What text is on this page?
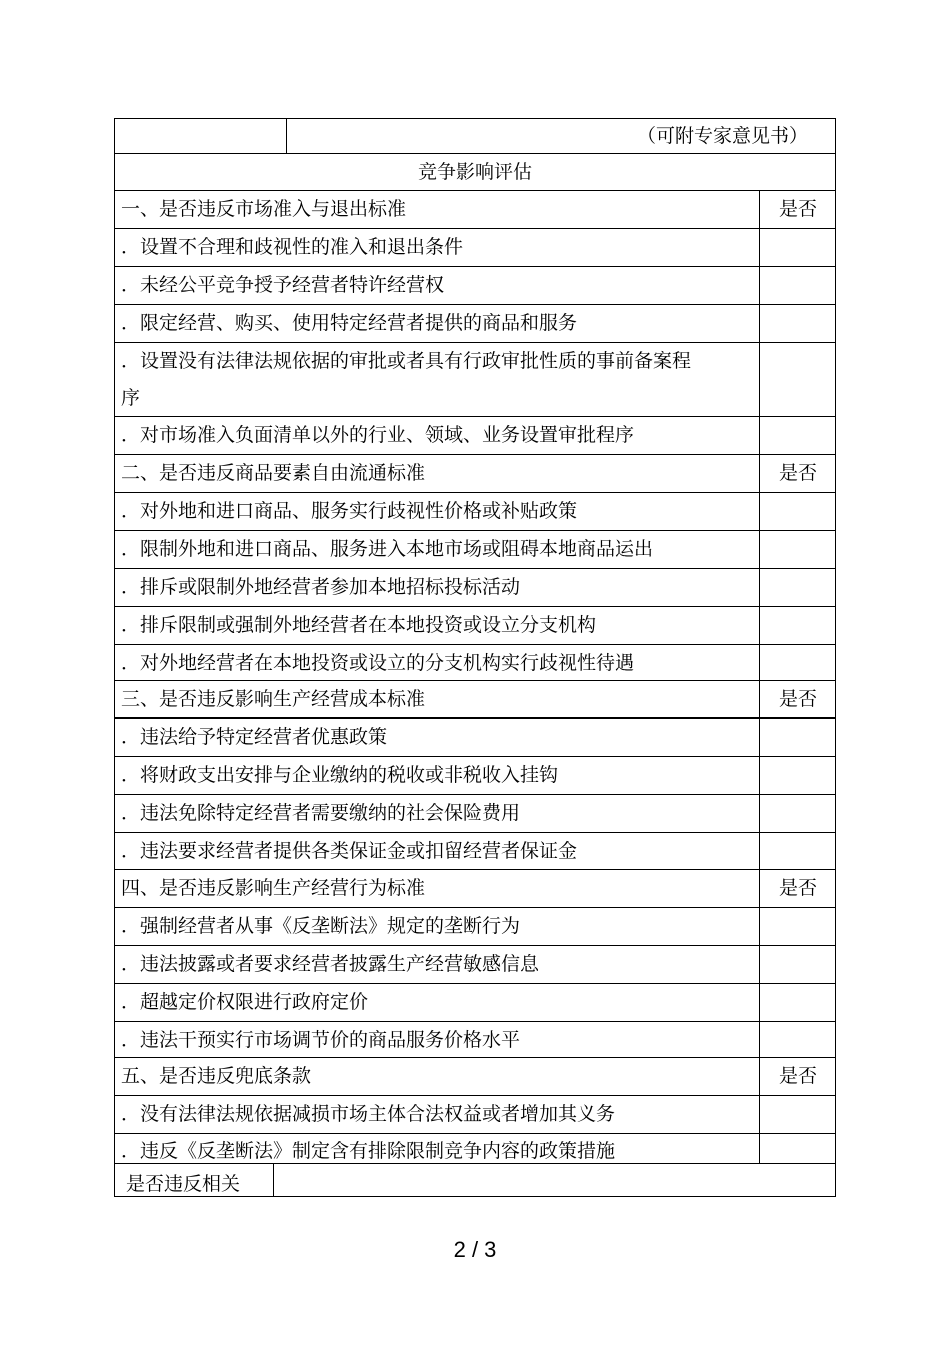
（可附专家意见书）
竞争影响评估
一、是否违反市场准入与退出标准	是否
．设置不合理和歧视性的准入和退出条件
．未经公平竞争授予经营者特许经营权
．限定经营、购买、使用特定经营者提供的商品和服务
．设置没有法律法规依据的审批或者具有行政审批性质的事前备案程序
．对市场准入负面清单以外的行业、领域、业务设置审批程序
二、是否违反商品要素自由流通标准	是否
．对外地和进口商品、服务实行歧视性价格或补贴政策
．限制外地和进口商品、服务进入本地市场或阻碍本地商品运出
．排斥或限制外地经营者参加本地招标投标活动
．排斥限制或强制外地经营者在本地投资或设立分支机构
．对外地经营者在本地投资或设立的分支机构实行歧视性待遇
三、是否违反影响生产经营成本标准	是否
．违法给予特定经营者优惠政策
．将财政支出安排与企业缴纳的税收或非税收入挂钩
．违法免除特定经营者需要缴纳的社会保险费用
．违法要求经营者提供各类保证金或扣留经营者保证金
四、是否违反影响生产经营行为标准	是否
．强制经营者从事《反垄断法》规定的垄断行为
．违法披露或者要求经营者披露生产经营敏感信息
．超越定价权限进行政府定价
．违法干预实行市场调节价的商品服务价格水平
五、是否违反兜底条款	是否
．没有法律法规依据减损市场主体合法权益或者增加其义务
．违反《反垄断法》制定含有排除限制竞争内容的政策措施
是否违反相关
2 / 3
